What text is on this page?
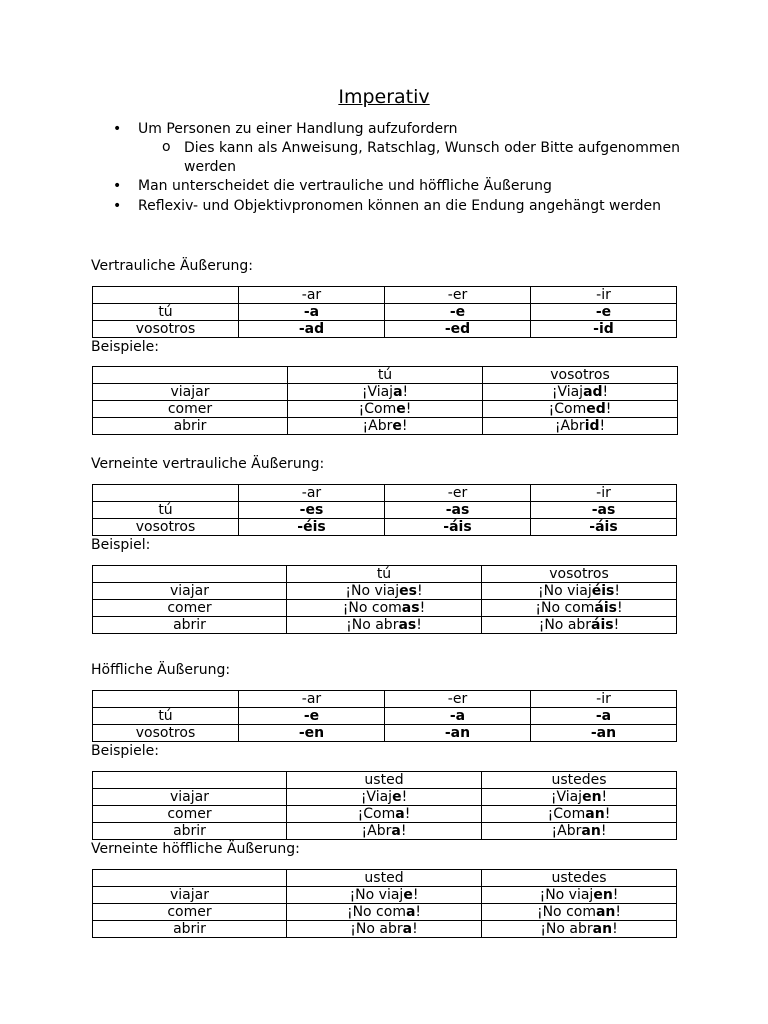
Imperativ
• Um Personen zu einer Handlung aufzufordern
o Dies kann als Anweisung, Ratschlag, Wunsch oder Bitte aufgenommen
werden
• Man unterscheidet die vertrauliche und höffliche Äußerung
• Reflexiv- und Objektivpronomen können an die Endung angehängt werden
Vertrauliche Äußerung:
	-ar	-er	-ir
tú	-a	-e	-e
vosotros	-ad	-ed	-id
Beispiele:
	tú	vosotros
viajar	¡Viaja!	¡Viajad!
comer	¡Come!	¡Comed!
abrir	¡Abre!	¡Abrid!
Verneinte vertrauliche Äußerung:
	-ar	-er	-ir
tú	-es	-as	-as
vosotros	-éis	-áis	-áis
Beispiel:
	tú	vosotros
viajar	¡No viajes!	¡No viajéis!
comer	¡No comas!	¡No comáis!
abrir	¡No abras!	¡No abráis!
Höffliche Äußerung:
	-ar	-er	-ir
tú	-e	-a	-a
vosotros	-en	-an	-an
Beispiele:
	usted	ustedes
viajar	¡Viaje!	¡Viajen!
comer	¡Coma!	¡Coman!
abrir	¡Abra!	¡Abran!
Verneinte höffliche Äußerung:
	usted	ustedes
viajar	¡No viaje!	¡No viajen!
comer	¡No coma!	¡No coman!
abrir	¡No abra!	¡No abran!
